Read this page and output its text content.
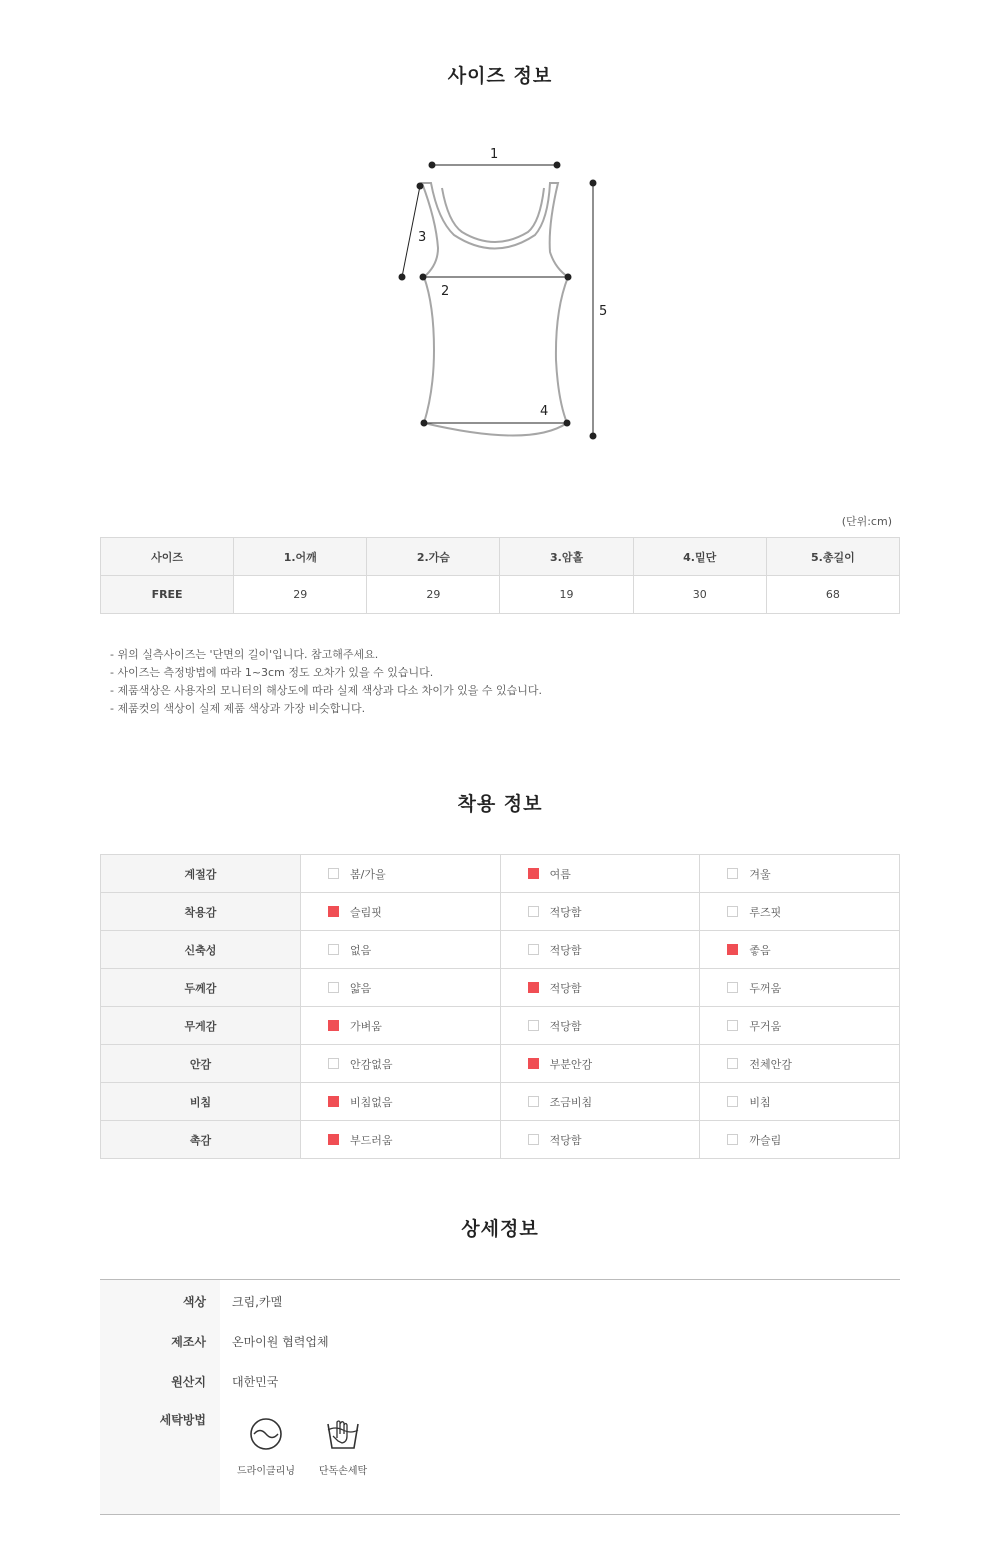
사이즈 정보
1
2
3
4
5
(단위:cm)
사이즈	1.어깨	2.가슴	3.암홀	4.밑단	5.총길이
FREE	29	29	19	30	68
- 위의 실측사이즈는 '단면의 길이'입니다. 참고해주세요.
- 사이즈는 측정방법에 따라 1~3cm 정도 오차가 있을 수 있습니다.
- 제품색상은 사용자의 모니터의 해상도에 따라 실제 색상과 다소 차이가 있을 수 있습니다.
- 제품컷의 색상이 실제 제품 색상과 가장 비슷합니다.
착용 정보
계절감	봄/가을	여름	겨울
착용감	슬림핏	적당함	루즈핏
신축성	없음	적당함	좋음
두께감	얇음	적당함	두꺼움
무게감	가벼움	적당함	무거움
안감	안감없음	부분안감	전체안감
비침	비침없음	조금비침	비침
촉감	부드러움	적당함	까슬림
상세정보
색상 크림,카멜
제조사 온마이원 협력업체
원산지 대한민국
세탁방법
드라이클리닝	단독손세탁
